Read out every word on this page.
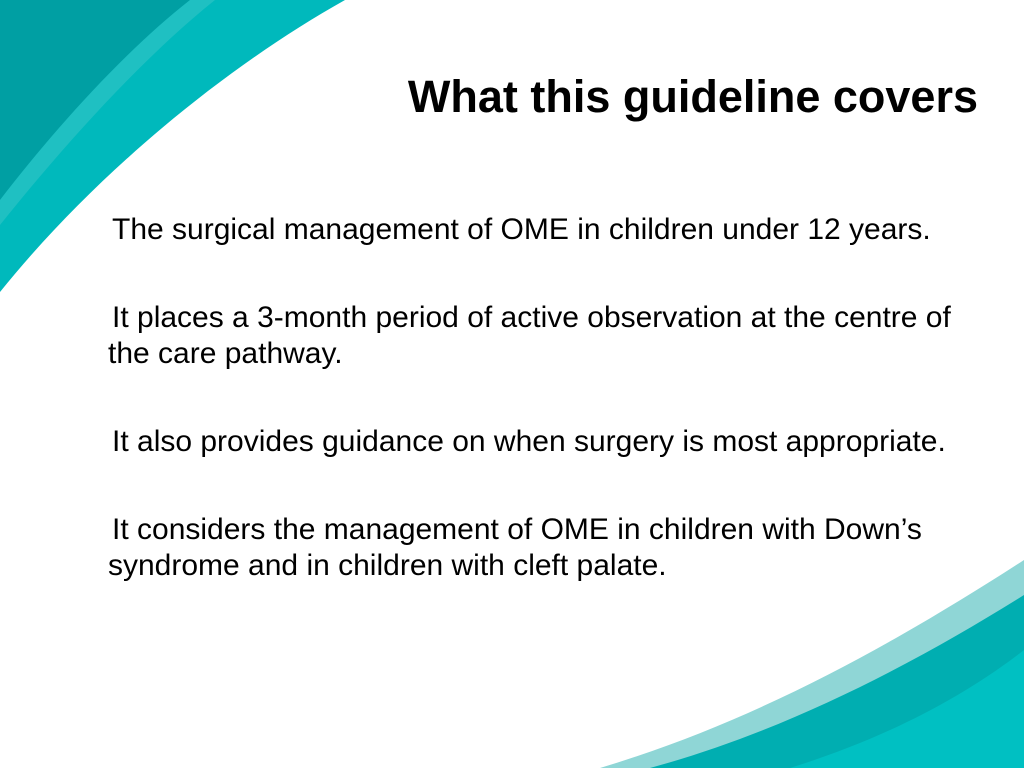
What this guideline covers
The surgical management of OME in children under 12 years.
It places a 3-month period of active observation at the centre of the care pathway.
It also provides guidance on when surgery is most appropriate.
It considers the management of OME in children with Down’s syndrome and in children with cleft palate.
